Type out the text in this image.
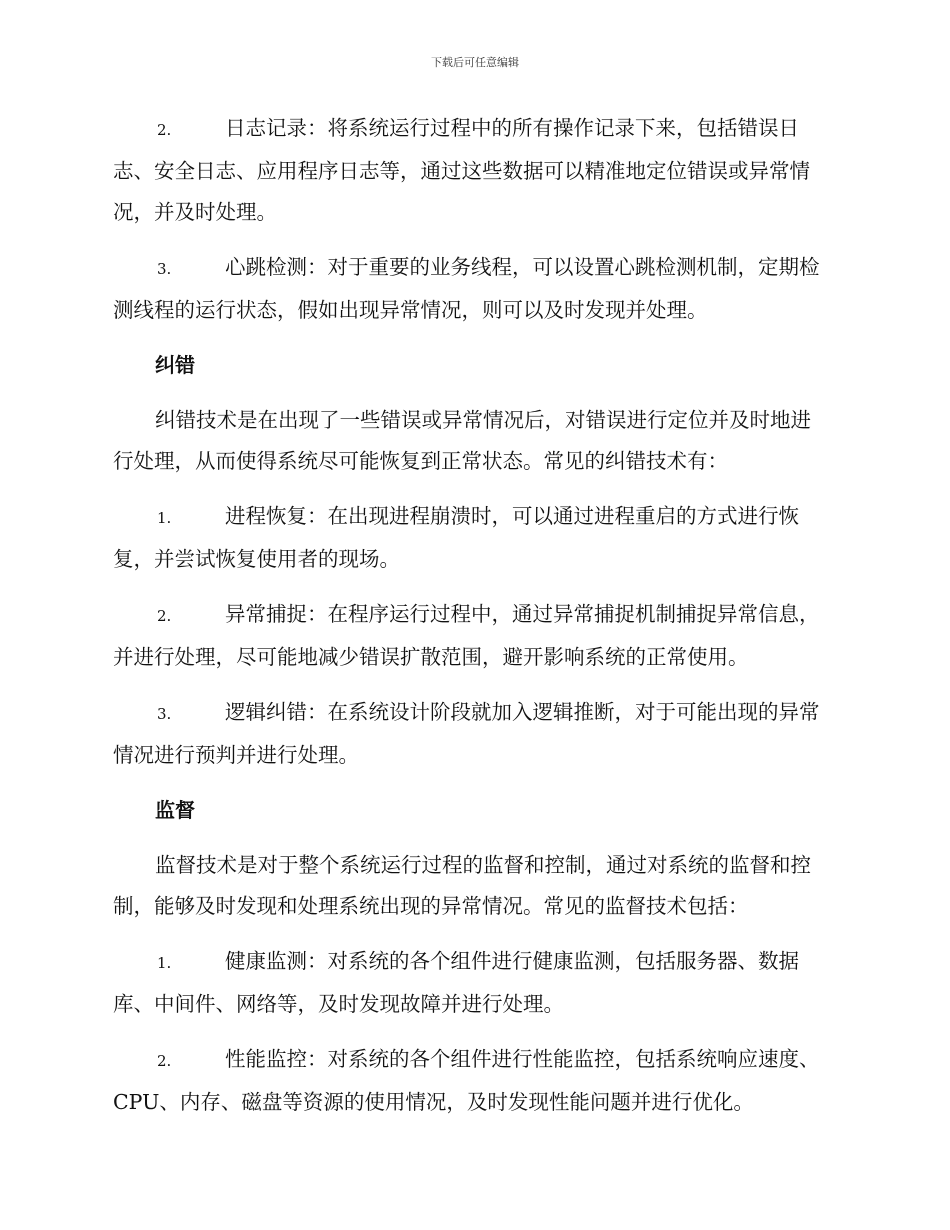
下载后可任意编辑

2.	日志记录：将系统运行过程中的所有操作记录下来，包括错误日志、安全日志、应用程序日志等，通过这些数据可以精准地定位错误或异常情况，并及时处理。

3.	心跳检测：对于重要的业务线程，可以设置心跳检测机制，定期检测线程的运行状态，假如出现异常情况，则可以及时发现并处理。

纠错

纠错技术是在出现了一些错误或异常情况后，对错误进行定位并及时地进行处理，从而使得系统尽可能恢复到正常状态。常见的纠错技术有：

1.	进程恢复：在出现进程崩溃时，可以通过进程重启的方式进行恢复，并尝试恢复使用者的现场。

2.	异常捕捉：在程序运行过程中，通过异常捕捉机制捕捉异常信息，并进行处理，尽可能地减少错误扩散范围，避开影响系统的正常使用。

3.	逻辑纠错：在系统设计阶段就加入逻辑推断，对于可能出现的异常情况进行预判并进行处理。

监督

监督技术是对于整个系统运行过程的监督和控制，通过对系统的监督和控制，能够及时发现和处理系统出现的异常情况。常见的监督技术包括：

1.	健康监测：对系统的各个组件进行健康监测，包括服务器、数据库、中间件、网络等，及时发现故障并进行处理。

2.	性能监控：对系统的各个组件进行性能监控，包括系统响应速度、CPU、内存、磁盘等资源的使用情况，及时发现性能问题并进行优化。
